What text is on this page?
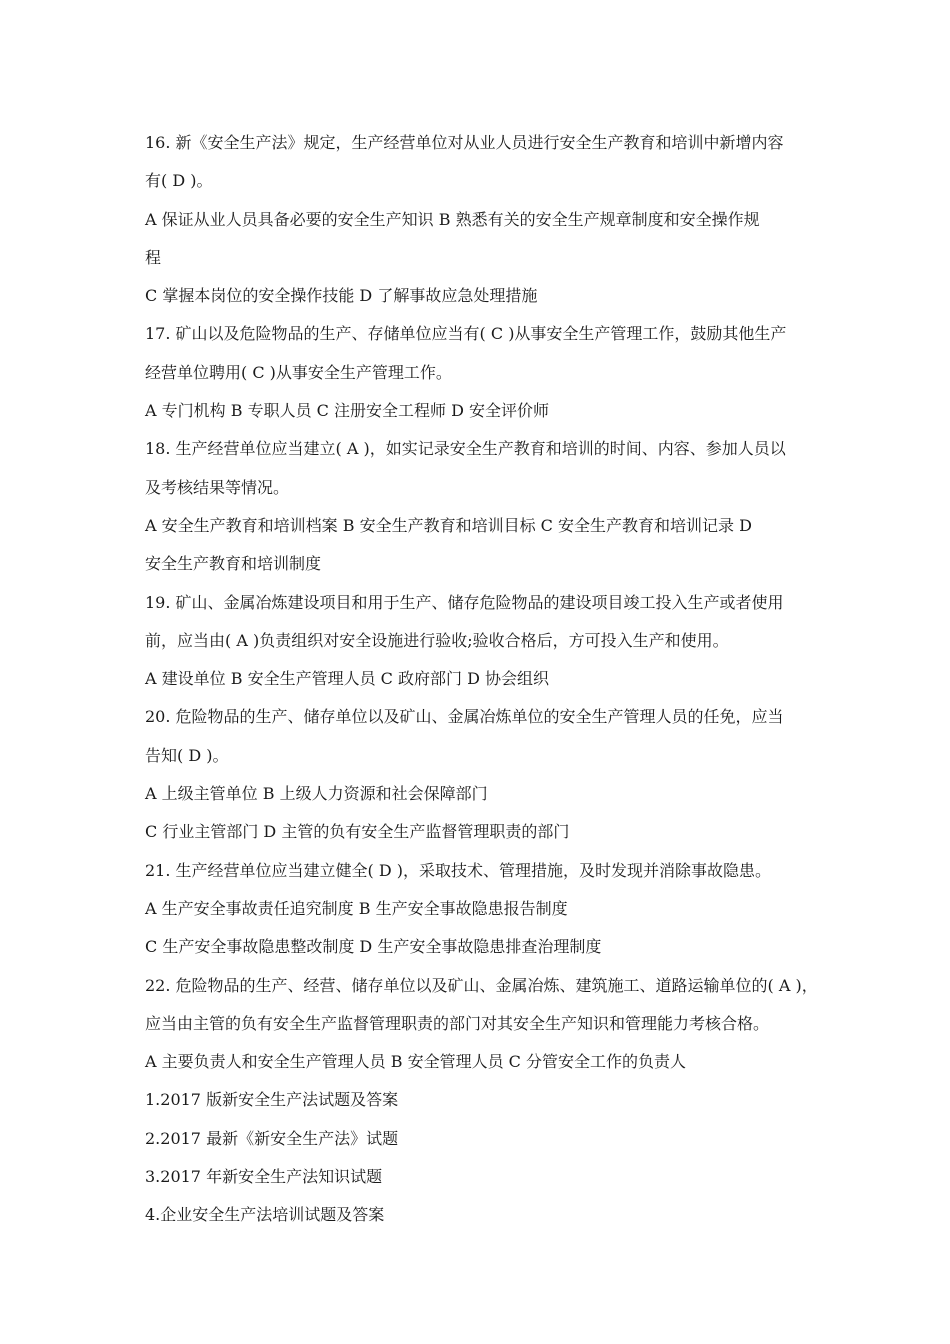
16. 新《安全生产法》规定，生产经营单位对从业人员进行安全生产教育和培训中新增内容
有( D )。
A 保证从业人员具备必要的安全生产知识 B 熟悉有关的安全生产规章制度和安全操作规
程
C 掌握本岗位的安全操作技能 D 了解事故应急处理措施
17. 矿山以及危险物品的生产、存储单位应当有( C )从事安全生产管理工作，鼓励其他生产
经营单位聘用( C )从事安全生产管理工作。
A 专门机构 B 专职人员 C 注册安全工程师 D 安全评价师
18. 生产经营单位应当建立( A )，如实记录安全生产教育和培训的时间、内容、参加人员以
及考核结果等情况。
A 安全生产教育和培训档案 B 安全生产教育和培训目标 C 安全生产教育和培训记录 D
安全生产教育和培训制度
19. 矿山、金属冶炼建设项目和用于生产、储存危险物品的建设项目竣工投入生产或者使用
前，应当由( A )负责组织对安全设施进行验收;验收合格后，方可投入生产和使用。
A 建设单位 B 安全生产管理人员 C 政府部门 D 协会组织
20. 危险物品的生产、储存单位以及矿山、金属冶炼单位的安全生产管理人员的任免，应当
告知( D )。
A 上级主管单位 B 上级人力资源和社会保障部门
C 行业主管部门 D 主管的负有安全生产监督管理职责的部门
21. 生产经营单位应当建立健全( D )，采取技术、管理措施，及时发现并消除事故隐患。
A 生产安全事故责任追究制度 B 生产安全事故隐患报告制度
C 生产安全事故隐患整改制度 D 生产安全事故隐患排查治理制度
22. 危险物品的生产、经营、储存单位以及矿山、金属冶炼、建筑施工、道路运输单位的( A )，
应当由主管的负有安全生产监督管理职责的部门对其安全生产知识和管理能力考核合格。
A 主要负责人和安全生产管理人员 B 安全管理人员 C 分管安全工作的负责人
1.2017 版新安全生产法试题及答案
2.2017 最新《新安全生产法》试题
3.2017 年新安全生产法知识试题
4.企业安全生产法培训试题及答案
